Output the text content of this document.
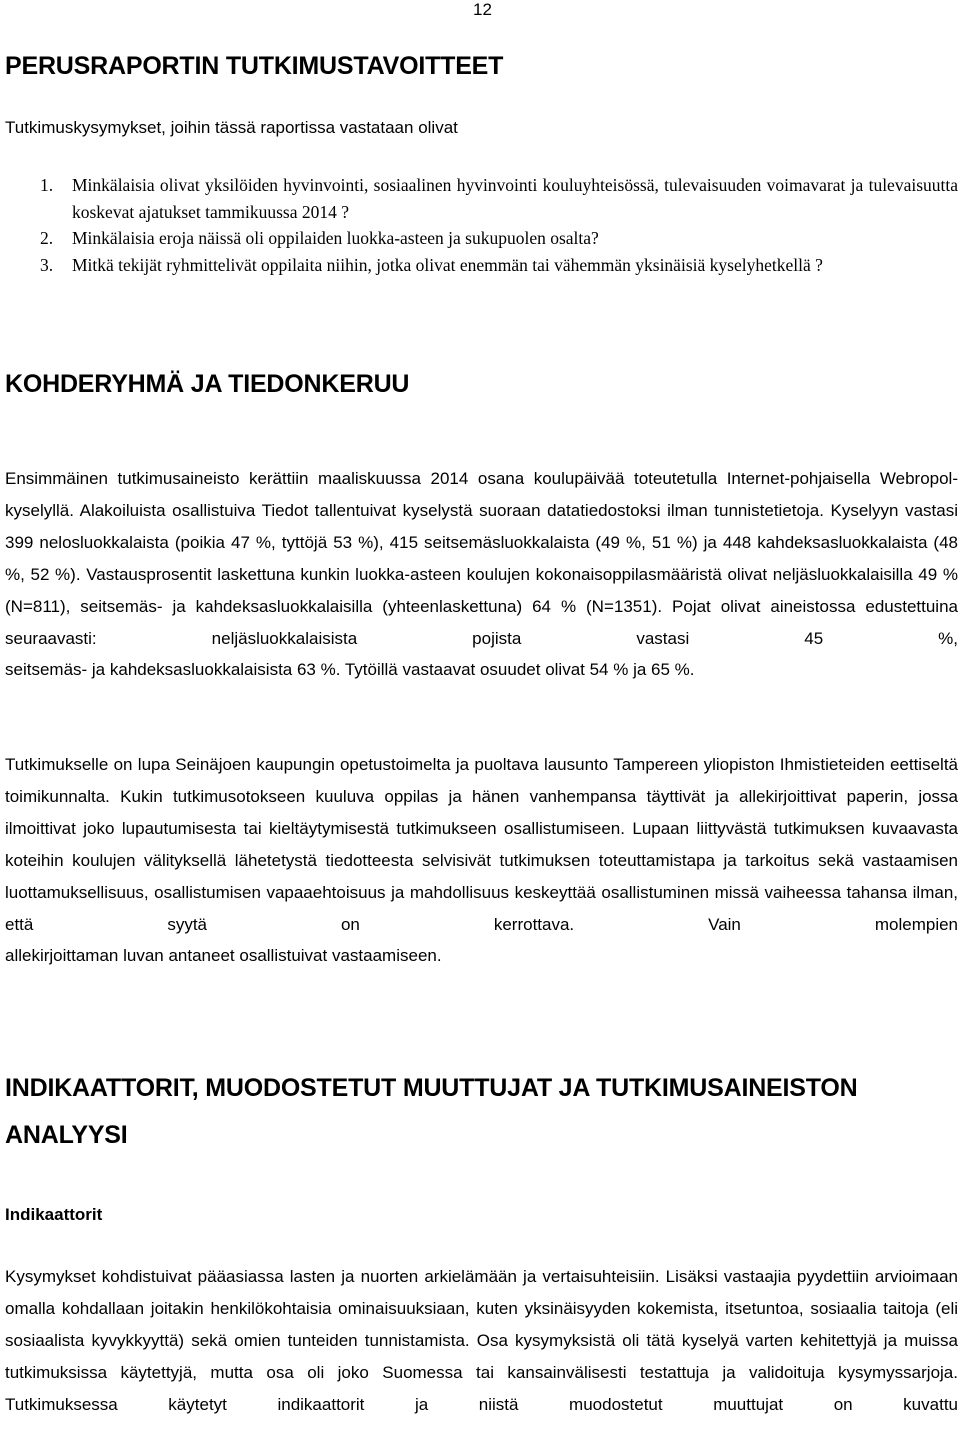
12
PERUSRAPORTIN TUTKIMUSTAVOITTEET
Tutkimuskysymykset, joihin tässä raportissa vastataan olivat
1. Minkälaisia olivat yksilöiden hyvinvointi, sosiaalinen hyvinvointi kouluyhteisössä, tulevaisuuden voimavarat ja tulevaisuutta koskevat ajatukset tammikuussa 2014 ?
2. Minkälaisia eroja näissä oli oppilaiden luokka-asteen ja sukupuolen osalta?
3. Mitkä tekijät ryhmittelivät oppilaita niihin, jotka olivat enemmän tai vähemmän yksinäisiä kyselyhetkellä ?
KOHDERYHMÄ JA TIEDONKERUU

Ensimmäinen tutkimusaineisto kerättiin maaliskuussa 2014 osana koulupäivää toteutetulla Internet-pohjaisella Webropol-kyselyllä. Alakoiluista osallistuiva Tiedot tallentuivat kyselystä suoraan datatiedostoksi ilman tunnistetietoja. Kyselyyn vastasi 399 nelosluokkalaista (poikia 47 %, tyttöjä 53 %), 415 seitsemäsluokkalaista (49 %, 51 %) ja 448 kahdeksasluokkalaista (48 %, 52 %). Vastausprosentit laskettuna kunkin luokka-asteen koulujen kokonaisoppilasmääristä olivat neljäsluokkalaisilla 49 % (N=811), seitsemäs- ja kahdeksasluokkalaisilla (yhteenlaskettuna) 64 % (N=1351). Pojat olivat aineistossa edustettuina seuraavasti: neljäsluokkalaisista pojista vastasi 45 %,
seitsemäs- ja kahdeksasluokkalaisista 63 %. Tytöillä vastaavat osuudet olivat 54 % ja 65 %.

Tutkimukselle on lupa Seinäjoen kaupungin opetustoimelta ja puoltava lausunto Tampereen yliopiston Ihmistieteiden eettiseltä toimikunnalta. Kukin tutkimusotokseen kuuluva oppilas ja hänen vanhempansa täyttivät ja allekirjoittivat paperin, jossa ilmoittivat joko lupautumisesta tai kieltäytymisestä tutkimukseen osallistumiseen. Lupaan liittyvästä tutkimuksen kuvaavasta koteihin koulujen välityksellä lähetetystä tiedotteesta selvisivät tutkimuksen toteuttamistapa ja tarkoitus sekä vastaamisen luottamuksellisuus, osallistumisen vapaaehtoisuus ja mahdollisuus keskeyttää osallistuminen missä vaiheessa tahansa ilman, että syytä on kerrottava. Vain molempien
allekirjoittaman luvan antaneet osallistuivat vastaamiseen.

INDIKAATTORIT, MUODOSTETUT MUUTTUJAT JA TUTKIMUSAINEISTON ANALYYSI
Indikaattorit

Kysymykset kohdistuivat pääasiassa lasten ja nuorten arkielämään ja vertaisuhteisiin. Lisäksi vastaajia pyydettiin arvioimaan omalla kohdallaan joitakin henkilökohtaisia ominaisuuksiaan, kuten yksinäisyyden kokemista, itsetuntoa, sosiaalia taitoja (eli sosiaalista kyvykkyyttä) sekä omien tunteiden tunnistamista. Osa kysymyksistä oli tätä kyselyä varten kehitettyjä ja muissa tutkimuksissa käytettyjä, mutta osa oli joko Suomessa tai kansainvälisesti testattuja ja validoituja kysymyssarjoja. Tutkimuksessa käytetyt indikaattorit ja niistä muodostetut muuttujat on kuvattu
